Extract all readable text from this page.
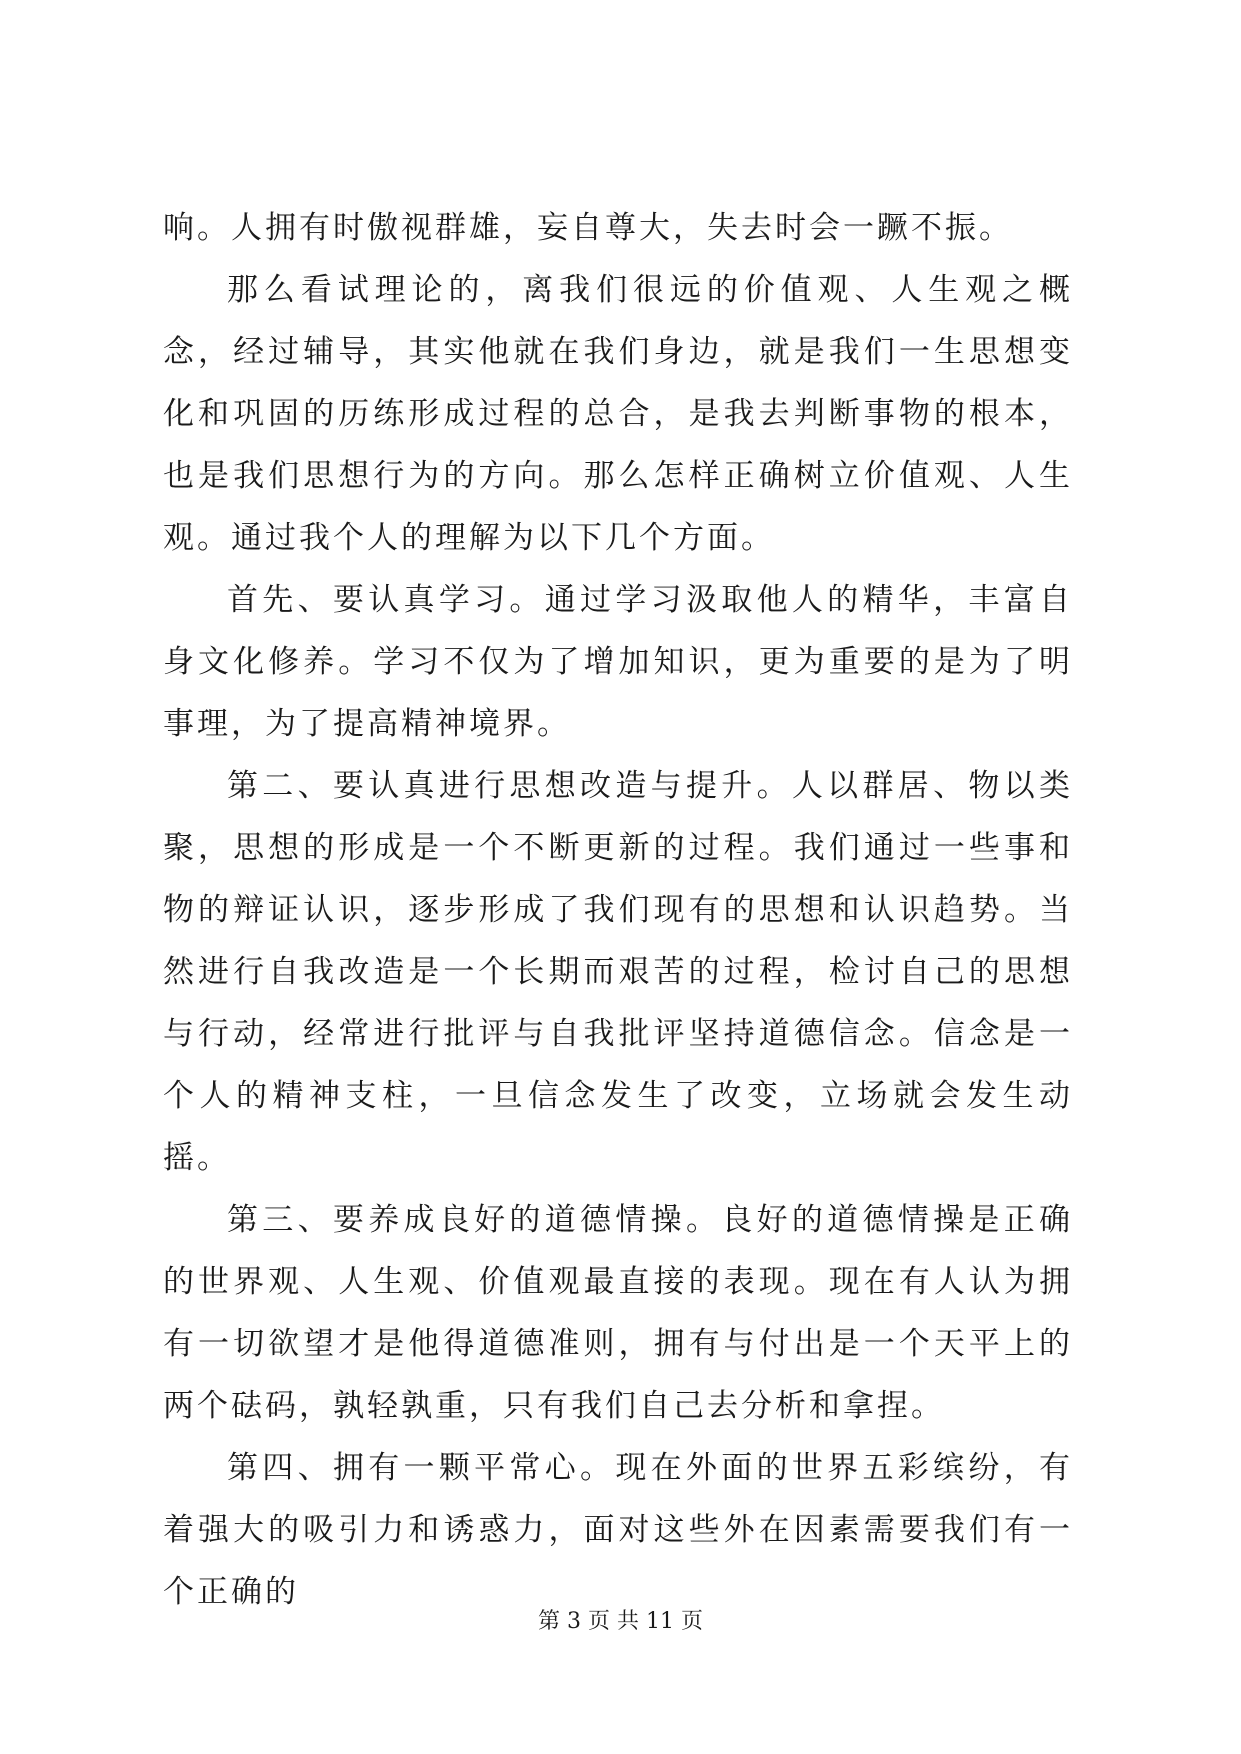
响。人拥有时傲视群雄，妄自尊大，失去时会一蹶不振。

那么看试理论的，离我们很远的价值观、人生观之概念，经过辅导，其实他就在我们身边，就是我们一生思想变化和巩固的历练形成过程的总合，是我去判断事物的根本，也是我们思想行为的方向。那么怎样正确树立价值观、人生观。通过我个人的理解为以下几个方面。

首先、要认真学习。通过学习汲取他人的精华，丰富自身文化修养。学习不仅为了增加知识，更为重要的是为了明事理，为了提高精神境界。

第二、要认真进行思想改造与提升。人以群居、物以类聚，思想的形成是一个不断更新的过程。我们通过一些事和物的辩证认识，逐步形成了我们现有的思想和认识趋势。当然进行自我改造是一个长期而艰苦的过程，检讨自己的思想与行动，经常进行批评与自我批评坚持道德信念。信念是一个人的精神支柱，一旦信念发生了改变，立场就会发生动摇。

第三、要养成良好的道德情操。良好的道德情操是正确的世界观、人生观、价值观最直接的表现。现在有人认为拥有一切欲望才是他得道德准则，拥有与付出是一个天平上的两个砝码，孰轻孰重，只有我们自己去分析和拿捏。

第四、拥有一颗平常心。现在外面的世界五彩缤纷，有着强大的吸引力和诱惑力，面对这些外在因素需要我们有一个正确的

第 3 页 共 11 页
